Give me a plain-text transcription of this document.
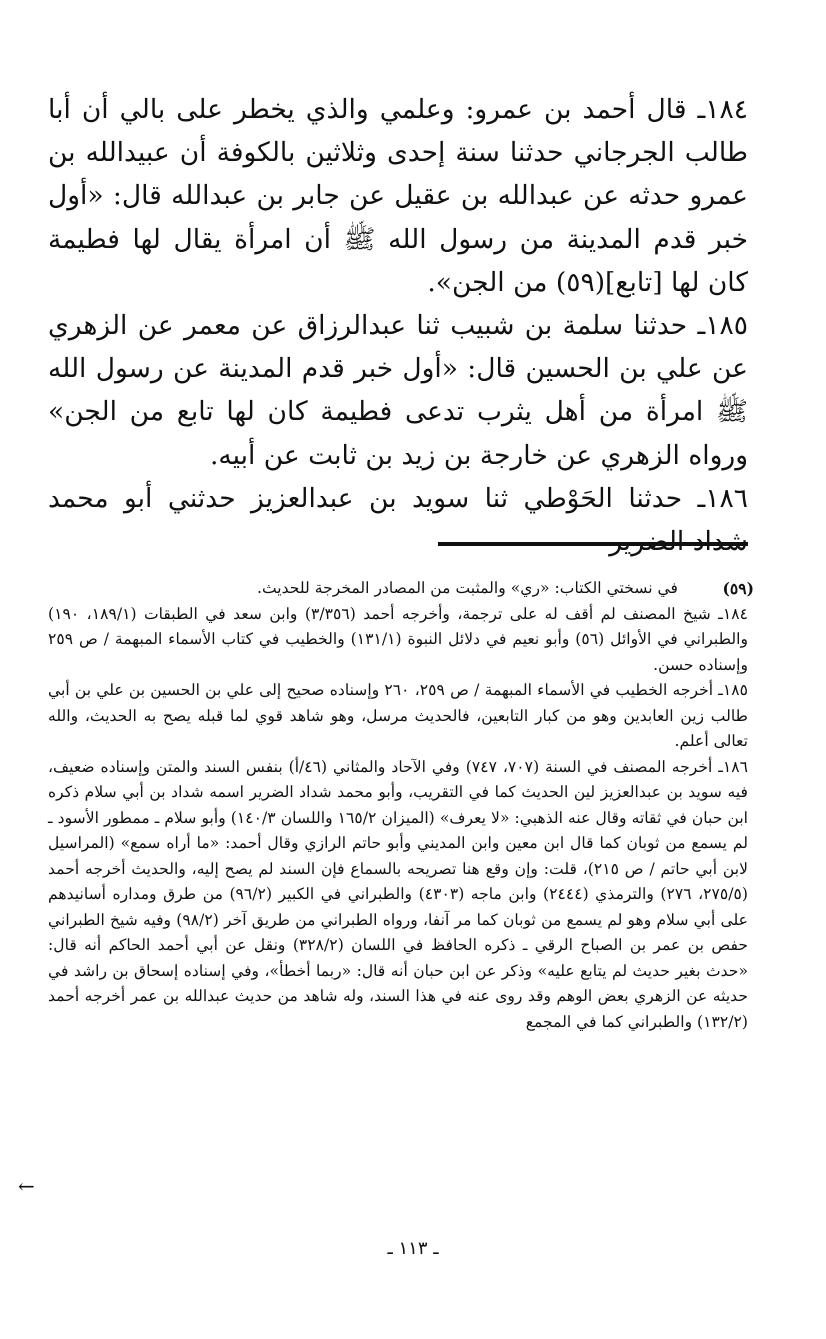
١٨٤ـ قال أحمد بن عمرو: وعلمي والذي يخطر على بالي أن أبا طالب الجرجاني حدثنا سنة إحدى وثلاثين بالكوفة أن عبيدالله بن عمرو حدثه عن عبدالله بن عقيل عن جابر بن عبدالله قال: «أول خبر قدم المدينة من رسول الله ﷺ أن امرأة يقال لها فطيمة كان لها [تابع](٥٩) من الجن».

١٨٥ـ حدثنا سلمة بن شبيب ثنا عبدالرزاق عن معمر عن الزهري عن علي بن الحسين قال: «أول خبر قدم المدينة عن رسول الله ﷺ امرأة من أهل يثرب تدعى فطيمة كان لها تابع من الجن» ورواه الزهري عن خارجة بن زيد بن ثابت عن أبيه.

١٨٦ـ حدثنا الحَوْطي ثنا سويد بن عبدالعزيز حدثني أبو محمد

(٥٩)

في نسختي الكتاب: «ري» والمثبت من المصادر المخرجة للحديث.

١٨٤ـ شيخ المصنف لم أقف له على ترجمة، وأخرجه أحمد (٣/٣٥٦) وابن سعد في الطبقات (١٨٩/١، ١٩٠) والطبراني في الأوائل (٥٦) وأبو نعيم في دلائل النبوة (١٣١/١) والخطيب في كتاب الأسماء المبهمة / ص ٢٥٩ وإسناده حسن.

١٨٥ـ أخرجه الخطيب في الأسماء المبهمة / ص ٢٥٩، ٢٦٠ وإسناده صحيح إلى علي بن الحسين بن علي بن أبي طالب زين العابدين وهو من كبار التابعين، فالحديث مرسل، وهو شاهد قوي لما قبله يصح به الحديث، والله تعالى أعلم.

١٨٦ـ أخرجه المصنف في السنة (٧٠٧، ٧٤٧) وفي الآحاد والمثاني (٤٦/أ) بنفس السند والمتن وإسناده ضعيف، فيه سويد بن عبدالعزيز لين الحديث كما في التقريب، وأبو محمد شداد الضرير اسمه شداد بن أبي سلام ذكره ابن حبان في ثقاته وقال عنه الذهبي: «لا يعرف» (الميزان ١٦٥/٢ واللسان ١٤٠/٣) وأبو سلام ـ ممطور الأسود ـ لم يسمع من ثوبان كما قال ابن معين وابن المديني وأبو حاتم الرازي وقال أحمد: «ما أراه سمع» (المراسيل لابن أبي حاتم / ص ٢١٥)، قلت: وإن وقع هنا تصريحه بالسماع فإن السند لم يصح إليه، والحديث أخرجه أحمد (٢٧٥/٥، ٢٧٦) والترمذي (٢٤٤٤) وابن ماجه (٤٣٠٣) والطبراني في الكبير (٩٦/٢) من طرق ومداره أسانيدهم على أبي سلام وهو لم يسمع من ثوبان كما مر آنفا، ورواه الطبراني من طريق آخر (٩٨/٢) وفيه شيخ الطبراني حفص بن عمر بن الصباح الرقي ـ ذكره الحافظ في اللسان (٣٢٨/٢) ونقل عن أبي أحمد الحاكم أنه قال: «حدث بغير حديث لم يتابع عليه» وذكر عن ابن حبان أنه قال: «ربما أخطأ»، وفي إسناده إسحاق بن راشد في حديثه عن الزهري بعض الوهم وقد روى عنه في هذا السند، وله شاهد من حديث عبدالله بن عمر أخرجه أحمد (١٣٢/٢) والطبراني كما في المجمع

←
ـ ١١٣ ـ
